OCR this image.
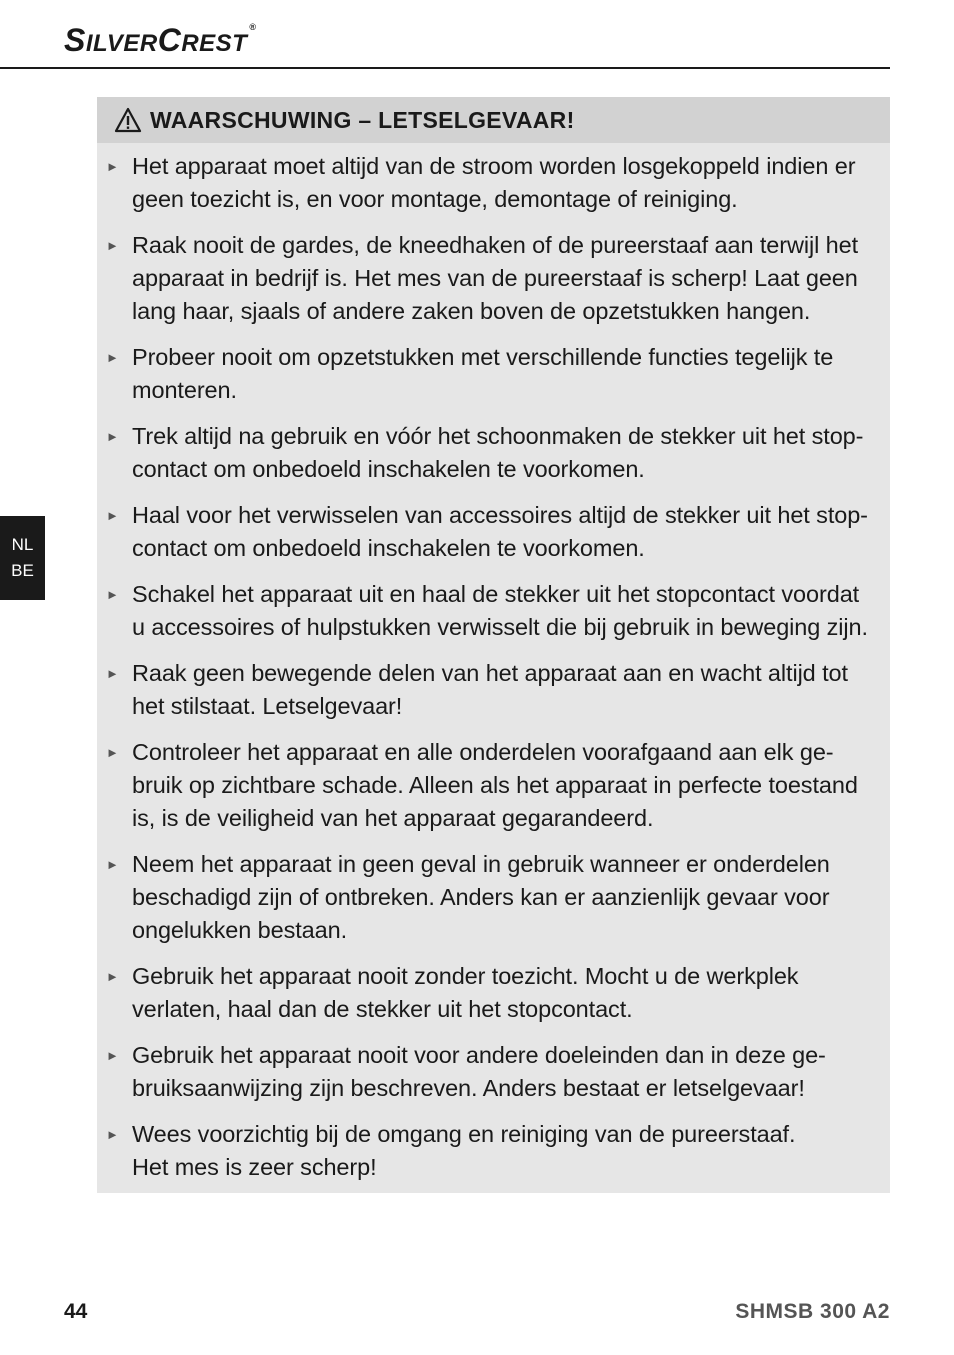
SILVERCREST®
NL
BE
WAARSCHUWING – LETSELGEVAAR!
► Het apparaat moet altijd van de stroom worden losgekoppeld indien er
geen toezicht is, en voor montage, demontage of reiniging.
► Raak nooit de gardes, de kneedhaken of de pureerstaaf aan terwijl het
apparaat in bedrijf is. Het mes van de pureerstaaf is scherp! Laat geen
lang haar, sjaals of andere zaken boven de opzetstukken hangen.
► Probeer nooit om opzetstukken met verschillende functies tegelijk te
monteren.
► Trek altijd na gebruik en vóór het schoonmaken de stekker uit het stop-
contact om onbedoeld inschakelen te voorkomen.
► Haal voor het verwisselen van accessoires altijd de stekker uit het stop-
contact om onbedoeld inschakelen te voorkomen.
► Schakel het apparaat uit en haal de stekker uit het stopcontact voordat
u accessoires of hulpstukken verwisselt die bij gebruik in beweging zijn.
► Raak geen bewegende delen van het apparaat aan en wacht altijd tot
het stilstaat. Letselgevaar!
► Controleer het apparaat en alle onderdelen voorafgaand aan elk ge-
bruik op zichtbare schade. Alleen als het apparaat in perfecte toestand
is, is de veiligheid van het apparaat gegarandeerd.
► Neem het apparaat in geen geval in gebruik wanneer er onderdelen
beschadigd zijn of ontbreken. Anders kan er aanzienlijk gevaar voor
ongelukken bestaan.
► Gebruik het apparaat nooit zonder toezicht. Mocht u de werkplek
verlaten, haal dan de stekker uit het stopcontact.
► Gebruik het apparaat nooit voor andere doeleinden dan in deze ge-
bruiksaanwijzing zijn beschreven. Anders bestaat er letselgevaar!
► Wees voorzichtig bij de omgang en reiniging van de pureerstaaf.
Het mes is zeer scherp!
44	SHMSB 300 A2
